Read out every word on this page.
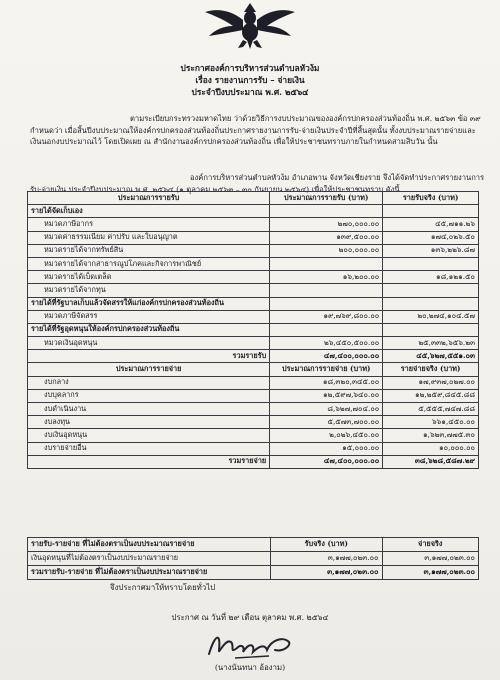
ประกาศองค์การบริหารส่วนตำบลหัวง้ม
เรื่อง รายงานการรับ – จ่ายเงิน
ประจำปีงบประมาณ พ.ศ. ๒๕๖๔
ตามระเบียบกระทรวงมหาดไทย ว่าด้วยวิธีการงบประมาณขององค์กรปกครองส่วนท้องถิ่น พ.ศ. ๒๕๖๓ ข้อ ๓๙ กำหนดว่า เมื่อสิ้นปีงบประมาณให้องค์กรปกครองส่วนท้องถิ่นประกาศรายงานการรับ-จ่ายเงินประจำปีที่สิ้นสุดนั้น ทั้งงบประมาณรายจ่ายและเงินนอกงบประมาณไว้ โดยเปิดเผย ณ สำนักงานองค์กรปกครองส่วนท้องถิ่น เพื่อให้ประชาชนทราบภายในกำหนดสามสิบวัน นั้น
องค์การบริหารส่วนตำบลหัวง้ม อำเภอพาน จังหวัดเชียงราย จึงได้จัดทำประกาศรายงานการรับ-จ่ายเงิน ประจำปีงบประมาณ พ.ศ. ๒๕๖๔ (๑ ตุลาคม ๒๕๖๓ – ๓๐ กันยายน ๒๕๖๔) เพื่อให้ประชาชนทราบ ดังนี้
ประมาณการรายรับ	ประมาณการรายรับ (บาท)	รายรับจริง (บาท)
รายได้จัดเก็บเอง		
หมวดภาษีอากร	๒๗๐,๐๐๐.๐๐	๔๕,๗๑๑.๒๖
หมวดค่าธรรมเนียม ค่าปรับ และใบอนุญาต	๑๓๙,๕๐๐.๐๐	๑๗๔,๐๒๖.๕๐
หมวดรายได้จากทรัพย์สิน	๒๐๐,๐๐๐.๐๐	๑๓๖,๒๒๖.๘๗
หมวดรายได้จากสาธารณูปโภคและกิจการพาณิชย์		
หมวดรายได้เบ็ดเตล็ด	๑๖,๒๐๐.๐๐	๑๘,๑๒๑.๕๐
หมวดรายได้จากทุน		
รายได้ที่รัฐบาลเก็บแล้วจัดสรรให้แก่องค์กรปกครองส่วนท้องถิ่น		
หมวดภาษีจัดสรร	๑๙,๗๖๙,๘๐๐.๐๐	๒๐,๒๗๔,๑๐๔.๕๗
รายได้ที่รัฐอุดหนุนให้องค์กรปกครองส่วนท้องถิ่น		
หมวดเงินอุดหนุน	๒๖,๔๕๐,๕๐๐.๐๐	๒๕,๓๓๒,๖๕๖.๒๓
รวมรายรับ	๔๗,๔๐๐,๐๐๐.๐๐	๔๕,๖๒๗,๕๕๑.๐๓
ประมาณการรายจ่าย	ประมาณการรายจ่าย (บาท)	รายจ่ายจริง (บาท)
งบกลาง	๑๘,๓๒๐,๓๔๕.๐๐	๑๗,๙๓๗,๐๒๗.๐๐
งบบุคลากร	๑๒,๕๙๗,๖๔๐.๐๐	๑๒,๒๕๙,๘๔๕.๘๘
งบดำเนินงาน	๘,๖๒๗,๗๐๔.๐๐	๕,๕๕๕,๗๔๗.๘๘
งบลงทุน	๕,๕๗๓,๗๐๐.๐๐	๖๖๑,๔๕๐.๐๐
งบเงินอุดหนุน	๒,๐๒๖,๔๕๐.๐๐	๑,๖๒๓,๗๗๕.๓๐
งบรายจ่ายอื่น	๑๕,๐๐๐.๐๐	๑๐,๐๐๐.๐๐
รวมรายจ่าย	๔๗,๔๐๐,๐๐๐.๐๐	๓๘,๖๒๘,๕๘๗.๒๙
รายรับ-รายจ่าย ที่ไม่ต้องตราเป็นงบประมาณรายจ่าย	รับจริง (บาท)	จ่ายจริง
เงินอุดหนุนที่ไม่ต้องตราเป็นงบประมาณรายจ่าย	๓,๑๗๗,๐๒๓.๐๐	๓,๑๗๗,๐๒๓.๐๐
รวมรายรับ-รายจ่าย ที่ไม่ต้องตราเป็นงบประมาณรายจ่าย	๓,๑๗๗,๐๒๓.๐๐	๓,๑๗๗,๐๒๓.๐๐
จึงประกาศมาให้ทราบโดยทั่วไป
ประกาศ ณ วันที่ ๒๙ เดือน ตุลาคม พ.ศ. ๒๕๖๔
(นางนันทนา อ้องาม)
